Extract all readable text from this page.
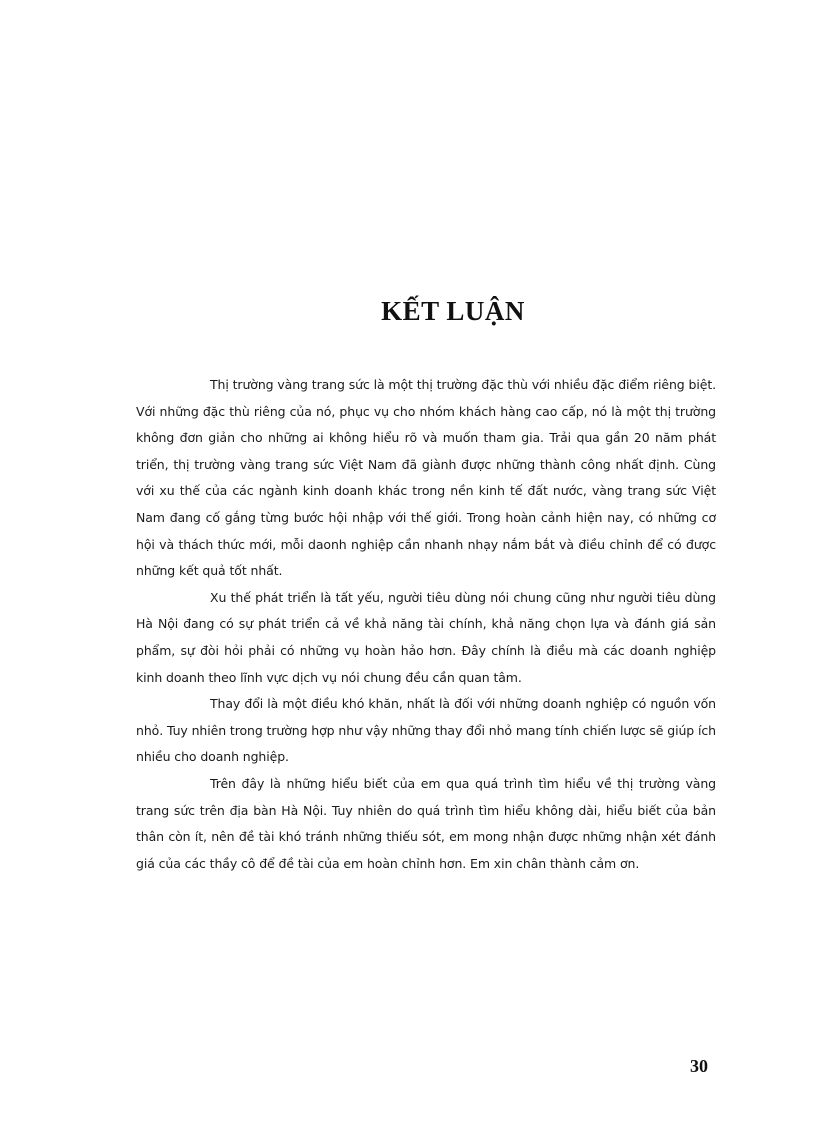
KẾT LUẬN

Thị trường vàng trang sức là một thị trường đặc thù với nhiều đặc điểm riêng biệt. Với những đặc thù riêng của nó, phục vụ cho nhóm khách hàng cao cấp, nó là một thị trường không đơn giản cho những ai không hiểu rõ và muốn tham gia. Trải qua gần 20 năm phát triển, thị trường vàng trang sức Việt Nam đã giành được những thành công nhất định. Cùng với xu thế của các ngành kinh doanh khác trong nền kinh tế đất nước, vàng trang sức Việt Nam đang cố gắng từng bước hội nhập với thế giới. Trong hoàn cảnh hiện nay, có những cơ hội và thách thức mới, mỗi daonh nghiệp cần nhanh nhạy nắm bắt và điều chỉnh để có được những kết quả tốt nhất.

Xu thế phát triển là tất yếu, người tiêu dùng nói chung cũng như người tiêu dùng Hà Nội đang có sự phát triển cả về khả năng tài chính, khả năng chọn lựa và đánh giá sản phẩm, sự đòi hỏi phải có những vụ hoàn hảo hơn. Đây chính là điều mà các doanh nghiệp kinh doanh theo lĩnh vực dịch vụ nói chung đều cần quan tâm.

Thay đổi là một điều khó khăn, nhất là đối với những doanh nghiệp có nguồn vốn nhỏ. Tuy nhiên trong trường hợp như vậy những thay đổi nhỏ mang tính chiến lược sẽ giúp ích nhiều cho doanh nghiệp.

Trên đây là những hiểu biết của em qua quá trình tìm hiểu về thị trường vàng trang sức trên địa bàn Hà Nội. Tuy nhiên do quá trình tìm hiểu không dài, hiểu biết của bản thân còn ít, nên đề tài khó tránh những thiếu sót, em mong nhận được những nhận xét đánh giá của các thầy cô để đề tài của em hoàn chỉnh hơn. Em xin chân thành cảm ơn.

30
